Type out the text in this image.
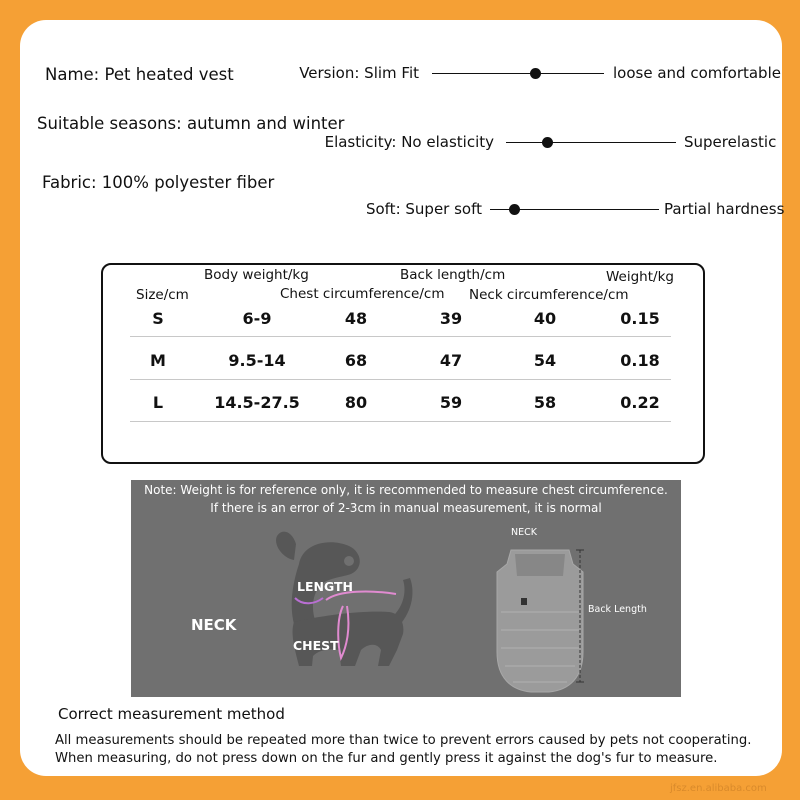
Name: Pet heated vest
Suitable seasons: autumn and winter
Fabric: 100% polyester fiber
Version: Slim Fit	loose and comfortable
Elasticity: No elasticity	Superelastic
Soft: Super soft	Partial hardness
Body weight/kg	Back length/cm	Weight/kg
Size/cm	Chest circumference/cm Neck circumference/cm
S	6-9	48	39	40	0.15
M	9.5-14	68	47	54	0.18
L	14.5-27.5	80	59	58	0.22
Note: Weight is for reference only, it is recommended to measure chest circumference.
If there is an error of 2-3cm in manual measurement, it is normal
NECK
LENGTH
CHEST
NECK
Back Length
Correct measurement method
All measurements should be repeated more than twice to prevent errors caused by pets not cooperating.
When measuring, do not press down on the fur and gently press it against the dog's fur to measure.
jfsz.en.alibaba.com
